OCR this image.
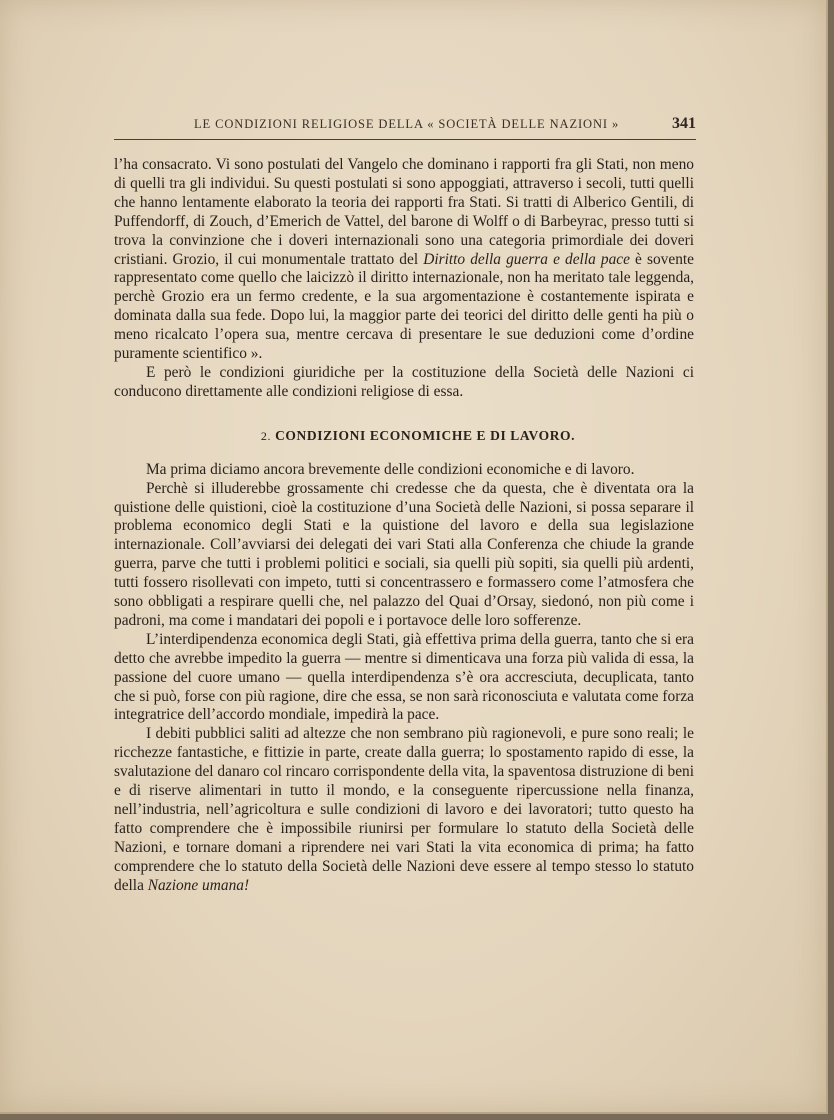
LE CONDIZIONI RELIGIOSE DELLA « SOCIETÀ DELLE NAZIONI »	341

l’ha consacrato. Vi sono postulati del Vangelo che dominano i rapporti fra gli Stati, non meno di quelli tra gli individui. Su questi postulati si sono appoggiati, attraverso i secoli, tutti quelli che hanno lentamente elaborato la teoria dei rapporti fra Stati. Si tratti di Alberico Gentili, di Puffendorff, di Zouch, d’Emerich de Vattel, del barone di Wolff o di Barbeyrac, presso tutti si trova la convinzione che i doveri internazionali sono una categoria primordiale dei doveri cristiani. Grozio, il cui monumentale trattato del Diritto della guerra e della pace è sovente rappresentato come quello che laicizzò il diritto internazionale, non ha meritato tale leggenda, perchè Grozio era un fermo credente, e la sua argomentazione è costantemente ispirata e dominata dalla sua fede. Dopo lui, la maggior parte dei teorici del diritto delle genti ha più o meno ricalcato l’opera sua, mentre cercava di presentare le sue deduzioni come d’ordine puramente scientifico ».

E però le condizioni giuridiche per la costituzione della Società delle Nazioni ci conducono direttamente alle condizioni religiose di essa.

2. CONDIZIONI ECONOMICHE E DI LAVORO.

Ma prima diciamo ancora brevemente delle condizioni economiche e di lavoro.

Perchè si illuderebbe grossamente chi credesse che da questa, che è diventata ora la quistione delle quistioni, cioè la costituzione d’una Società delle Nazioni, si possa separare il problema economico degli Stati e la quistione del lavoro e della sua legislazione internazionale. Coll’avviarsi dei delegati dei vari Stati alla Conferenza che chiude la grande guerra, parve che tutti i problemi politici e sociali, sia quelli più sopiti, sia quelli più ardenti, tutti fossero risollevati con impeto, tutti si concentrassero e formassero come l’atmosfera che sono obbligati a respirare quelli che, nel palazzo del Quai d’Orsay, siedonó, non più come i padroni, ma come i mandatari dei popoli e i portavoce delle loro sofferenze.

L’interdipendenza economica degli Stati, già effettiva prima della guerra, tanto che si era detto che avrebbe impedito la guerra — mentre si dimenticava una forza più valida di essa, la passione del cuore umano — quella interdipendenza s’è ora accresciuta, decuplicata, tanto che si può, forse con più ragione, dire che essa, se non sarà riconosciuta e valutata come forza integratrice dell’accordo mondiale, impedirà la pace.

I debiti pubblici saliti ad altezze che non sembrano più ragionevoli, e pure sono reali; le ricchezze fantastiche, e fittizie in parte, create dalla guerra; lo spostamento rapido di esse, la svalutazione del danaro col rincaro corrispondente della vita, la spaventosa distruzione di beni e di riserve alimentari in tutto il mondo, e la conseguente ripercussione nella finanza, nell’industria, nell’agricoltura e sulle condizioni di lavoro e dei lavoratori; tutto questo ha fatto comprendere che è impossibile riunirsi per formulare lo statuto della Società delle Nazioni, e tornare domani a riprendere nei vari Stati la vita economica di prima; ha fatto comprendere che lo statuto della Società delle Nazioni deve essere al tempo stesso lo statuto della Nazione umana!
